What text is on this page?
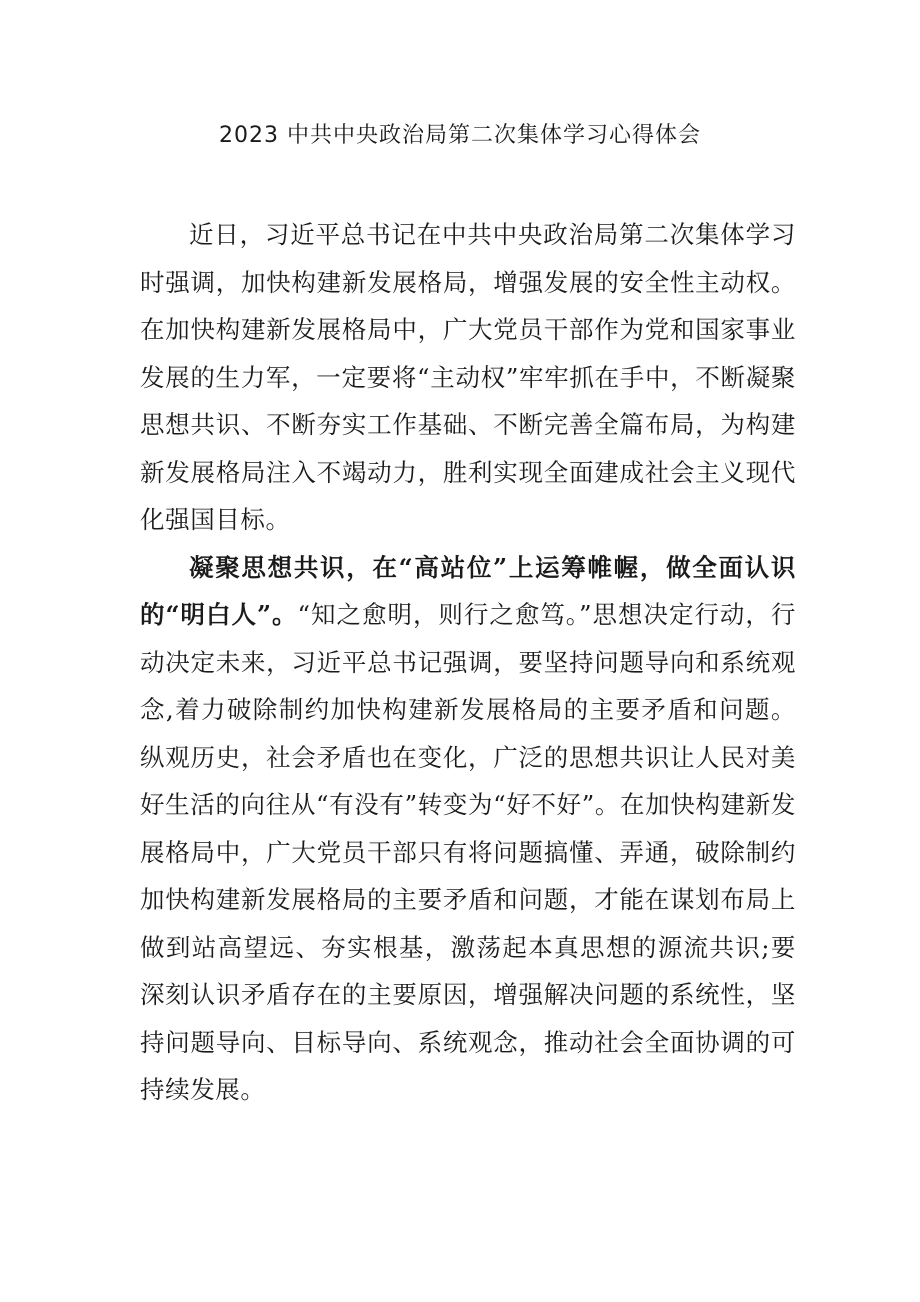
2023 中共中央政治局第二次集体学习心得体会

近日，习近平总书记在中共中央政治局第二次集体学习时强调，加快构建新发展格局，增强发展的安全性主动权。在加快构建新发展格局中，广大党员干部作为党和国家事业发展的生力军，一定要将“主动权”牢牢抓在手中，不断凝聚思想共识、不断夯实工作基础、不断完善全篇布局，为构建新发展格局注入不竭动力，胜利实现全面建成社会主义现代化强国目标。

凝聚思想共识，在“高站位”上运筹帷幄，做全面认识的“明白人”。“知之愈明，则行之愈笃。”思想决定行动，行动决定未来，习近平总书记强调，要坚持问题导向和系统观念,着力破除制约加快构建新发展格局的主要矛盾和问题。纵观历史，社会矛盾也在变化，广泛的思想共识让人民对美好生活的向往从“有没有”转变为“好不好”。在加快构建新发展格局中，广大党员干部只有将问题搞懂、弄通，破除制约加快构建新发展格局的主要矛盾和问题，才能在谋划布局上做到站高望远、夯实根基，激荡起本真思想的源流共识;要深刻认识矛盾存在的主要原因，增强解决问题的系统性，坚持问题导向、目标导向、系统观念，推动社会全面协调的可持续发展。
